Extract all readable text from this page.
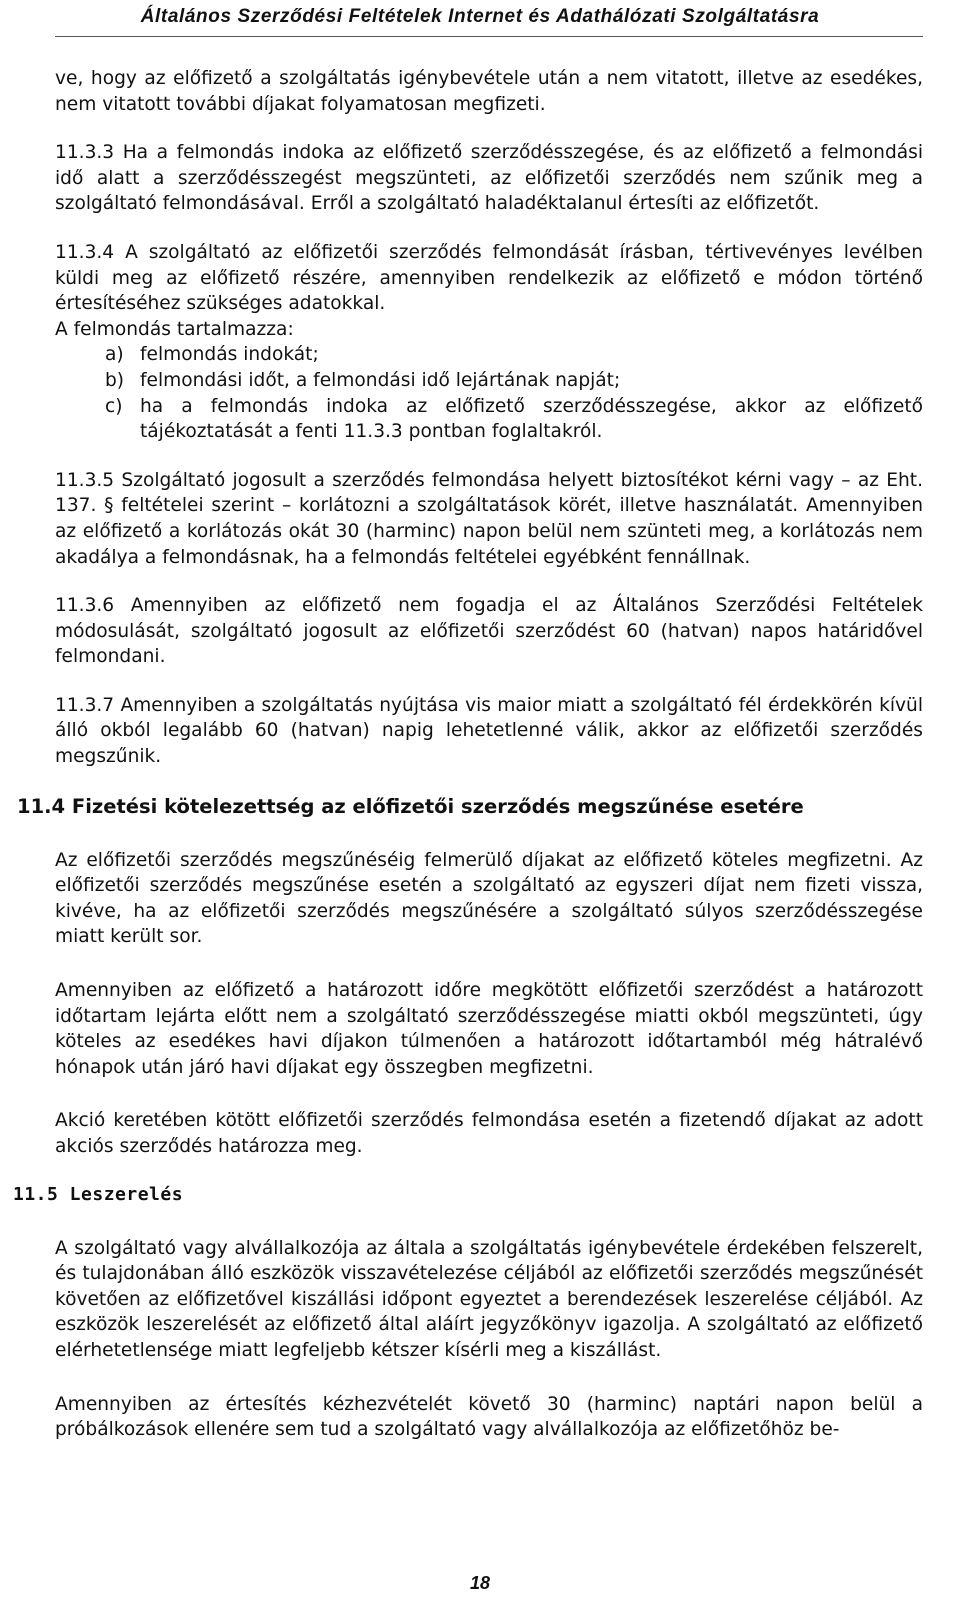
Általános Szerződési Feltételek Internet és Adathálózati Szolgáltatásra

ve, hogy az előfizető a szolgáltatás igénybevétele után a nem vitatott, illetve az esedékes, nem vitatott további díjakat folyamatosan megfizeti.

11.3.3 Ha a felmondás indoka az előfizető szerződésszegése, és az előfizető a felmondási idő alatt a szerződésszegést megszünteti, az előfizetői szerződés nem szűnik meg a szolgáltató felmondásával. Erről a szolgáltató haladéktalanul értesíti az előfizetőt.

11.3.4 A szolgáltató az előfizetői szerződés felmondását írásban, tértivevényes levélben küldi meg az előfizető részére, amennyiben rendelkezik az előfizető e módon történő értesítéséhez szükséges adatokkal.

A felmondás tartalmazza:

a) felmondás indokát;
b) felmondási időt, a felmondási idő lejártának napját;
c) ha a felmondás indoka az előfizető szerződésszegése, akkor az előfizető tájékoztatását a fenti 11.3.3 pontban foglaltakról.

11.3.5 Szolgáltató jogosult a szerződés felmondása helyett biztosítékot kérni vagy – az Eht. 137. § feltételei szerint – korlátozni a szolgáltatások körét, illetve használatát. Amennyiben az előfizető a korlátozás okát 30 (harminc) napon belül nem szünteti meg, a korlátozás nem akadálya a felmondásnak, ha a felmondás feltételei egyébként fennállnak.

11.3.6 Amennyiben az előfizető nem fogadja el az Általános Szerződési Feltételek módosulását, szolgáltató jogosult az előfizetői szerződést 60 (hatvan) napos határidővel felmondani.

11.3.7 Amennyiben a szolgáltatás nyújtása vis maior miatt a szolgáltató fél érdekkörén kívül álló okból legalább 60 (hatvan) napig lehetetlenné válik, akkor az előfizetői szerződés megszűnik.

11.4 Fizetési kötelezettség az előfizetői szerződés megszűnése esetére

Az előfizetői szerződés megszűnéséig felmerülő díjakat az előfizető köteles megfizetni. Az előfizetői szerződés megszűnése esetén a szolgáltató az egyszeri díjat nem fizeti vissza, kivéve, ha az előfizetői szerződés megszűnésére a szolgáltató súlyos szerződésszegése miatt került sor.

Amennyiben az előfizető a határozott időre megkötött előfizetői szerződést a határozott időtartam lejárta előtt nem a szolgáltató szerződésszegése miatti okból megszünteti, úgy köteles az esedékes havi díjakon túlmenően a határozott időtartamból még hátralévő hónapok után járó havi díjakat egy összegben megfizetni.

Akció keretében kötött előfizetői szerződés felmondása esetén a fizetendő díjakat az adott akciós szerződés határozza meg.

11.5 Leszerelés

A szolgáltató vagy alvállalkozója az általa a szolgáltatás igénybevétele érdekében felszerelt, és tulajdonában álló eszközök visszavételezése céljából az előfizetői szerződés megszűnését követően az előfizetővel kiszállási időpont egyeztet a berendezések leszerelése céljából. Az eszközök leszerelését az előfizető által aláírt jegyzőkönyv igazolja. A szolgáltató az előfizető elérhetetlensége miatt legfeljebb kétszer kísérli meg a kiszállást.

Amennyiben az értesítés kézhezvételét követő 30 (harminc) naptári napon belül a próbálkozások ellenére sem tud a szolgáltató vagy alvállalkozója az előfizetőhöz be-

18
